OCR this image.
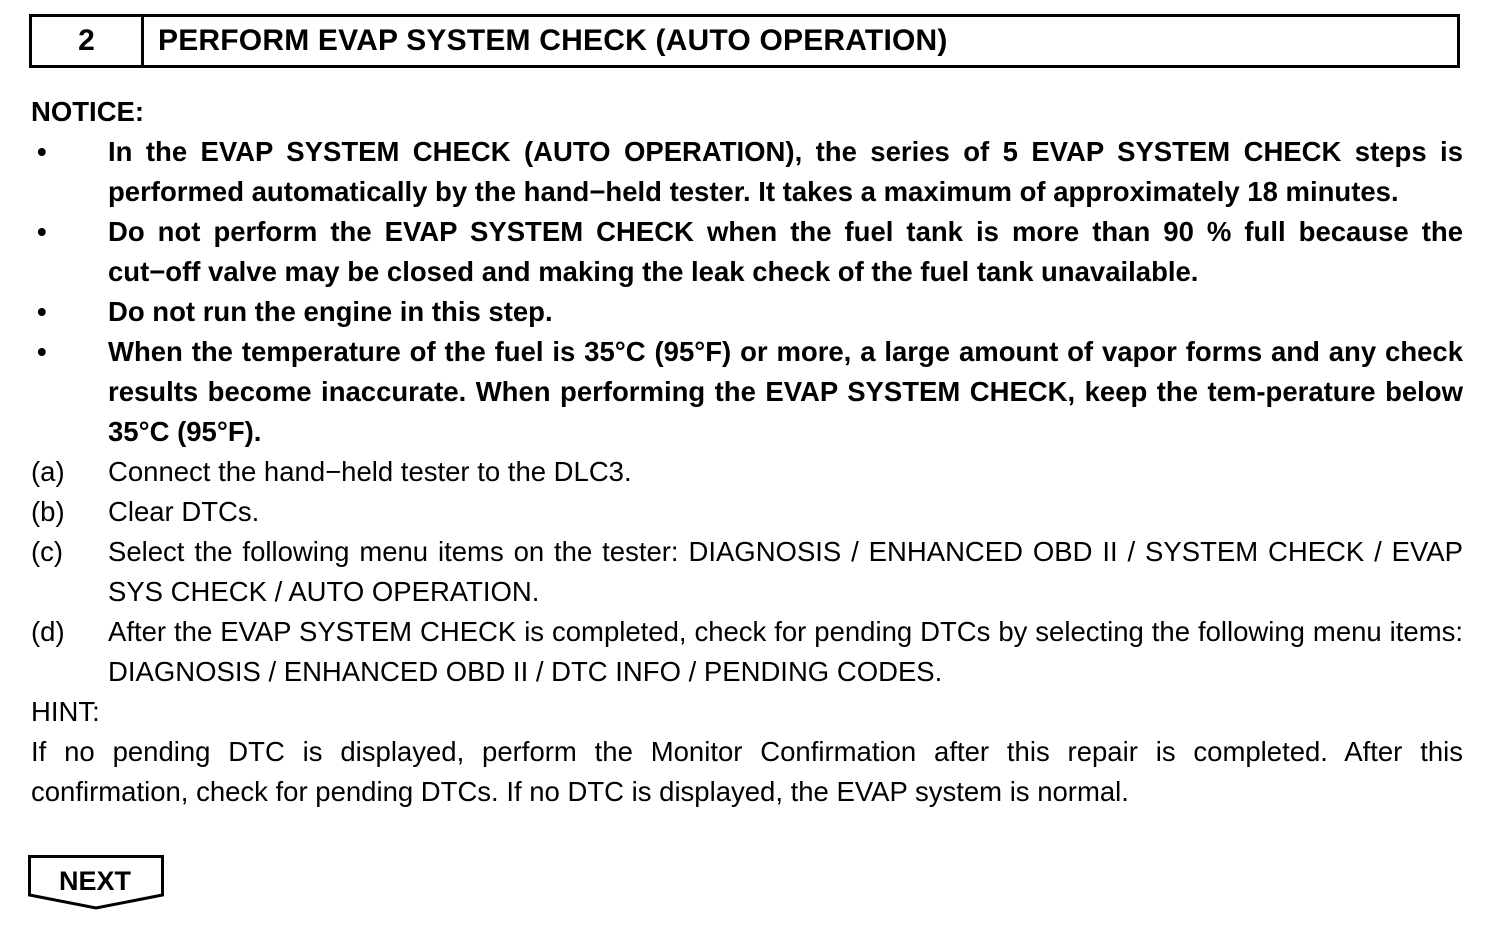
2	PERFORM EVAP SYSTEM CHECK (AUTO OPERATION)
NOTICE:
•	In the EVAP SYSTEM CHECK (AUTO OPERATION), the series of 5 EVAP SYSTEM CHECK steps is performed automatically by the hand−held tester. It takes a maximum of approximately 18 minutes.
•	Do not perform the EVAP SYSTEM CHECK when the fuel tank is more than 90 % full because the cut−off valve may be closed and making the leak check of the fuel tank unavailable.
•	Do not run the engine in this step.
•	When the temperature of the fuel is 35°C (95°F) or more, a large amount of vapor forms and any check results become inaccurate. When performing the EVAP SYSTEM CHECK, keep the tem-perature below 35°C (95°F).
(a)	Connect the hand−held tester to the DLC3.
(b)	Clear DTCs.
(c)	Select the following menu items on the tester: DIAGNOSIS / ENHANCED OBD II / SYSTEM CHECK / EVAP SYS CHECK / AUTO OPERATION.
(d)	After the EVAP SYSTEM CHECK is completed, check for pending DTCs by selecting the following menu items: DIAGNOSIS / ENHANCED OBD II / DTC INFO / PENDING CODES.
HINT:
If no pending DTC is displayed, perform the Monitor Confirmation after this repair is completed. After this confirmation, check for pending DTCs. If no DTC is displayed, the EVAP system is normal.
NEXT
